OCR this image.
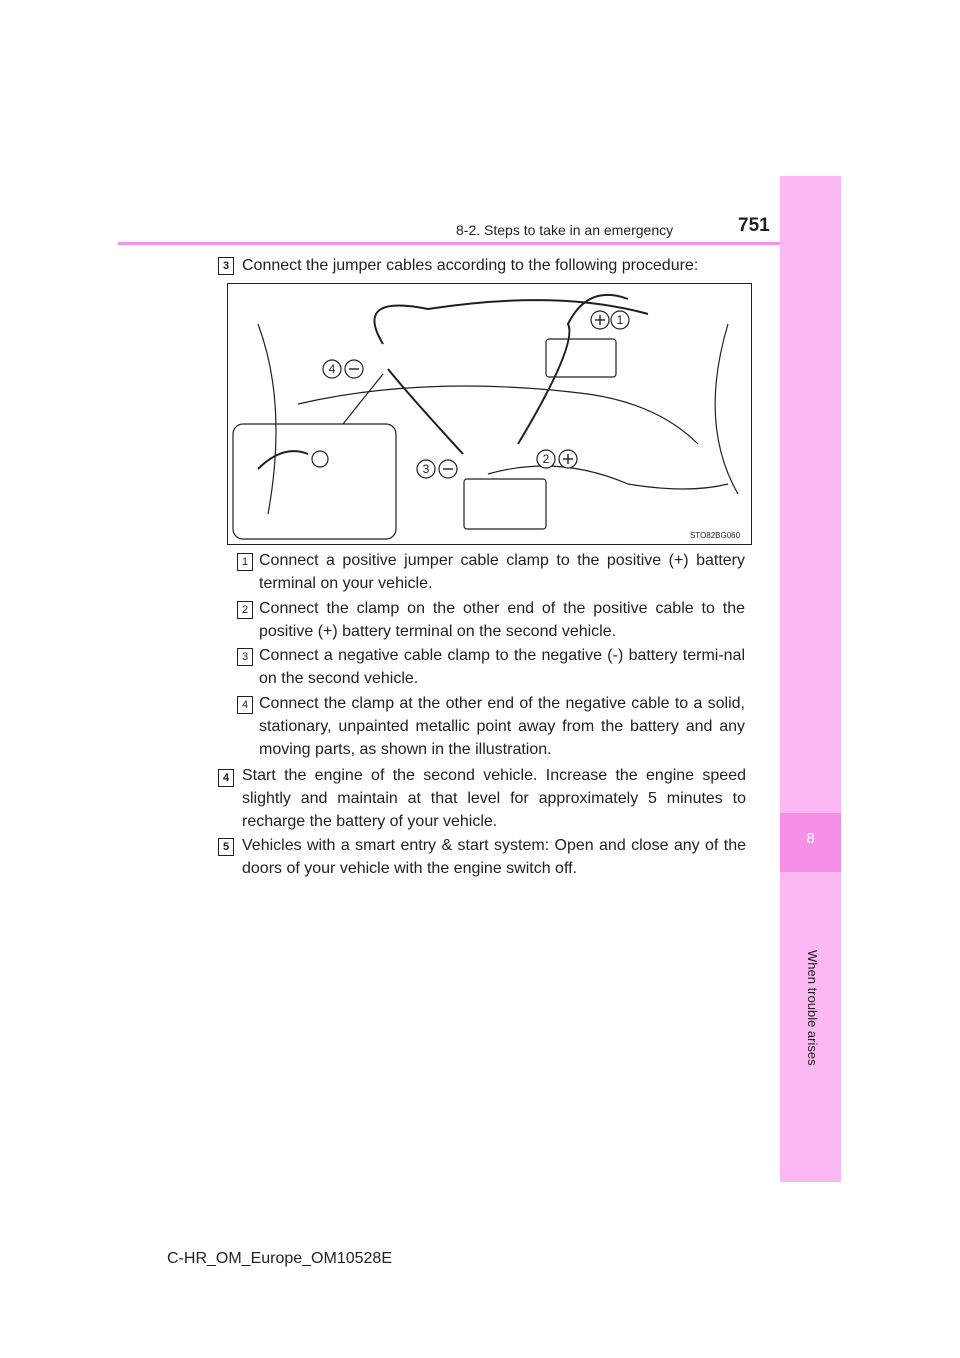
8
When trouble arises
8-2. Steps to take in an emergency	751
3 Connect the jumper cables according to the following procedure:
1
2
3
4
STO82BG060
1 Connect a positive jumper cable clamp to the positive (+) battery terminal on your vehicle.
2 Connect the clamp on the other end of the positive cable to the positive (+) battery terminal on the second vehicle.
3 Connect a negative cable clamp to the negative (-) battery termi-nal on the second vehicle.
4 Connect the clamp at the other end of the negative cable to a solid, stationary, unpainted metallic point away from the battery and any moving parts, as shown in the illustration.
4 Start the engine of the second vehicle. Increase the engine speed slightly and maintain at that level for approximately 5 minutes to recharge the battery of your vehicle.
5 Vehicles with a smart entry & start system: Open and close any of the doors of your vehicle with the engine switch off.
C-HR_OM_Europe_OM10528E
